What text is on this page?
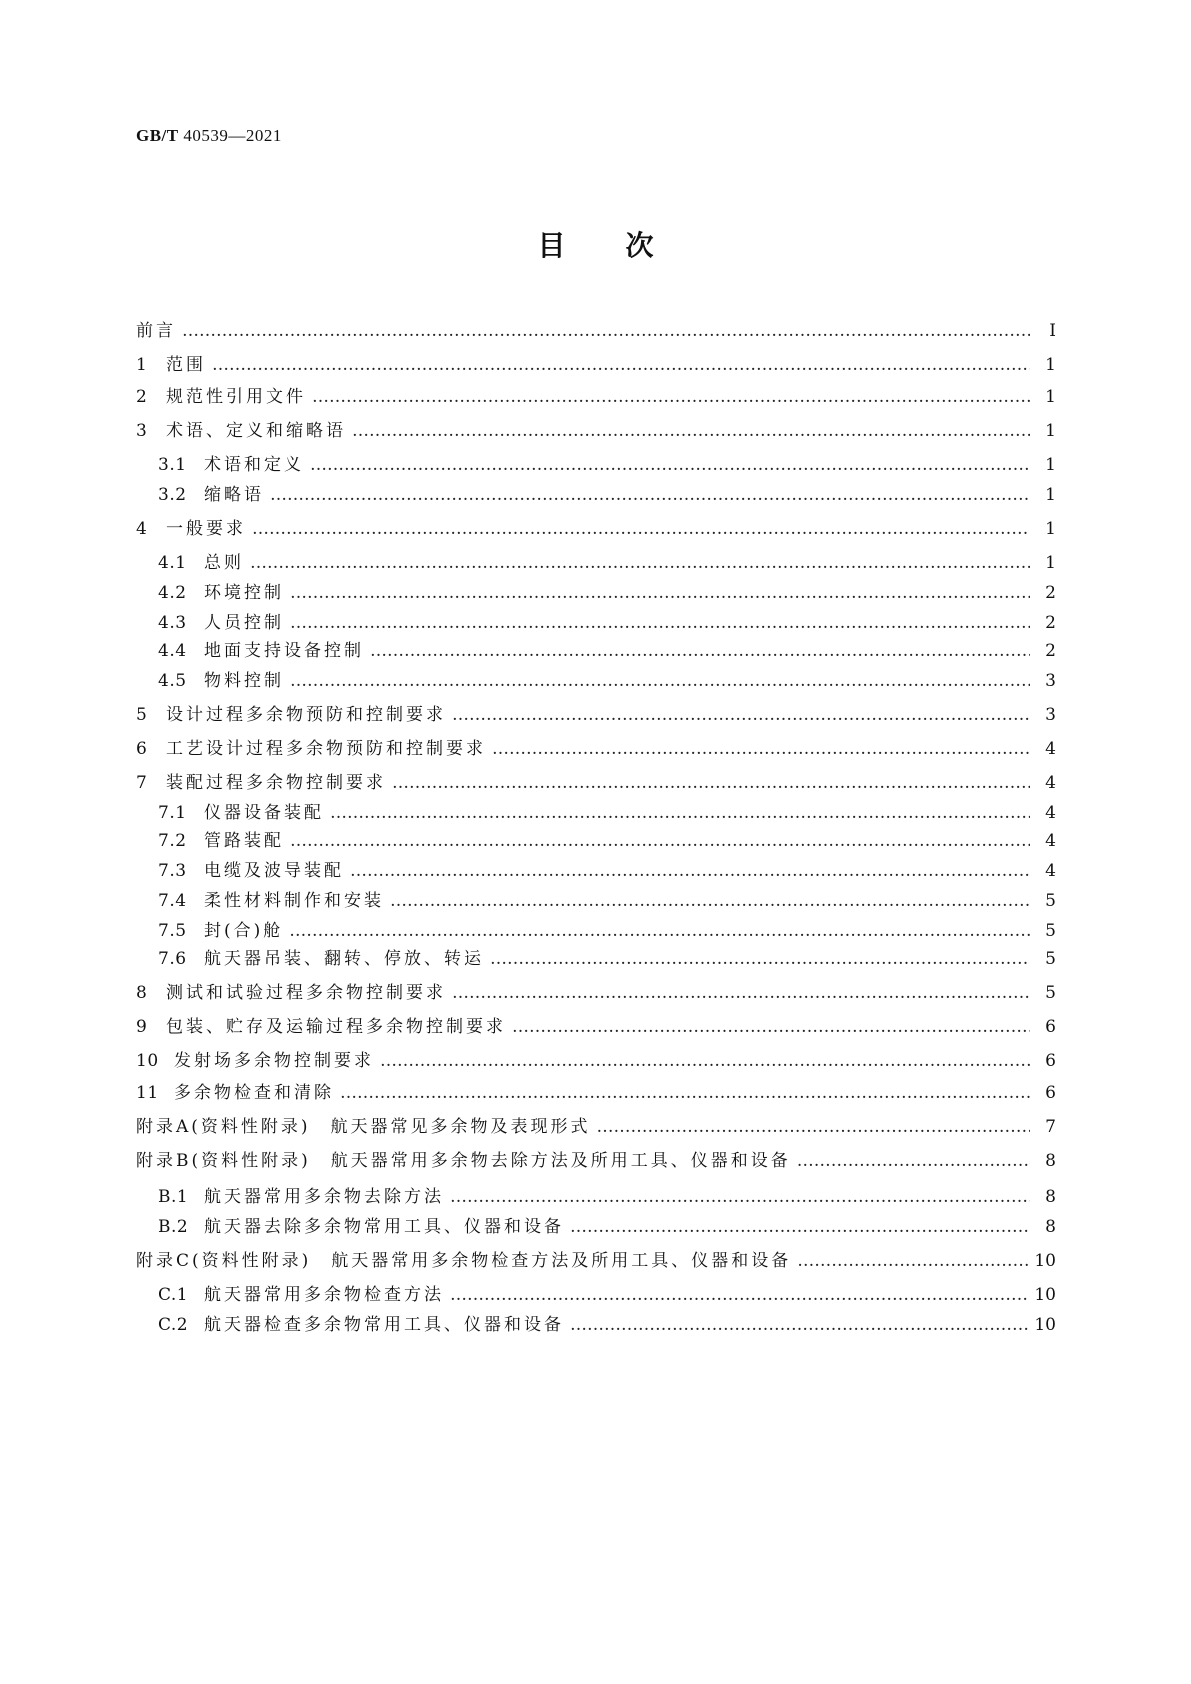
GB/T 40539—2021
目次
前言 …………………………………………………………………………………………………………………………………………………………………………………………………………………………………………………………………	Ⅰ
1	范围 …………………………………………………………………………………………………………………………………………………………………………………………………………………………………………………………………	1
2	规范性引用文件 …………………………………………………………………………………………………………………………………………………………………………………………………………………………………………………………………	1
3	术语、定义和缩略语 …………………………………………………………………………………………………………………………………………………………………………………………………………………………………………………………………	1
3.1	术语和定义 …………………………………………………………………………………………………………………………………………………………………………………………………………………………………………………………………	1
3.2	缩略语 …………………………………………………………………………………………………………………………………………………………………………………………………………………………………………………………………	1
4	一般要求 …………………………………………………………………………………………………………………………………………………………………………………………………………………………………………………………………	1
4.1	总则 …………………………………………………………………………………………………………………………………………………………………………………………………………………………………………………………………	1
4.2	环境控制 …………………………………………………………………………………………………………………………………………………………………………………………………………………………………………………………………	2
4.3	人员控制 …………………………………………………………………………………………………………………………………………………………………………………………………………………………………………………………………	2
4.4	地面支持设备控制 …………………………………………………………………………………………………………………………………………………………………………………………………………………………………………………………………	2
4.5	物料控制 …………………………………………………………………………………………………………………………………………………………………………………………………………………………………………………………………	3
5	设计过程多余物预防和控制要求 …………………………………………………………………………………………………………………………………………………………………………………………………………………………………………………………………	3
6	工艺设计过程多余物预防和控制要求 …………………………………………………………………………………………………………………………………………………………………………………………………………………………………………………………………	4
7	装配过程多余物控制要求 …………………………………………………………………………………………………………………………………………………………………………………………………………………………………………………………………	4
7.1	仪器设备装配 …………………………………………………………………………………………………………………………………………………………………………………………………………………………………………………………………	4
7.2	管路装配 …………………………………………………………………………………………………………………………………………………………………………………………………………………………………………………………………	4
7.3	电缆及波导装配 …………………………………………………………………………………………………………………………………………………………………………………………………………………………………………………………………	4
7.4	柔性材料制作和安装 …………………………………………………………………………………………………………………………………………………………………………………………………………………………………………………………………	5
7.5	封(合)舱 …………………………………………………………………………………………………………………………………………………………………………………………………………………………………………………………………	5
7.6	航天器吊装、翻转、停放、转运 …………………………………………………………………………………………………………………………………………………………………………………………………………………………………………………………………	5
8	测试和试验过程多余物控制要求 …………………………………………………………………………………………………………………………………………………………………………………………………………………………………………………………………	5
9	包装、贮存及运输过程多余物控制要求 …………………………………………………………………………………………………………………………………………………………………………………………………………………………………………………………………	6
10 发射场多余物控制要求 …………………………………………………………………………………………………………………………………………………………………………………………………………………………………………………………………	6
11 多余物检查和清除 …………………………………………………………………………………………………………………………………………………………………………………………………………………………………………………………………	6
附录A(资料性附录)　航天器常见多余物及表现形式 …………………………………………………………………………………………………………………………………………………………………………………………………………………………………………………………………	7
附录B(资料性附录)　航天器常用多余物去除方法及所用工具、仪器和设备 …………………………………………………………………………………………………………………………………………………………………………………………………………………………………………………………………	8
B.1 航天器常用多余物去除方法 …………………………………………………………………………………………………………………………………………………………………………………………………………………………………………………………………	8
B.2 航天器去除多余物常用工具、仪器和设备 …………………………………………………………………………………………………………………………………………………………………………………………………………………………………………………………………	8
附录C(资料性附录)　航天器常用多余物检查方法及所用工具、仪器和设备 …………………………………………………………………………………………………………………………………………………………………………………………………………………………………………………………………	10
C.1 航天器常用多余物检查方法 …………………………………………………………………………………………………………………………………………………………………………………………………………………………………………………………………	10
C.2 航天器检查多余物常用工具、仪器和设备 …………………………………………………………………………………………………………………………………………………………………………………………………………………………………………………………………	10
